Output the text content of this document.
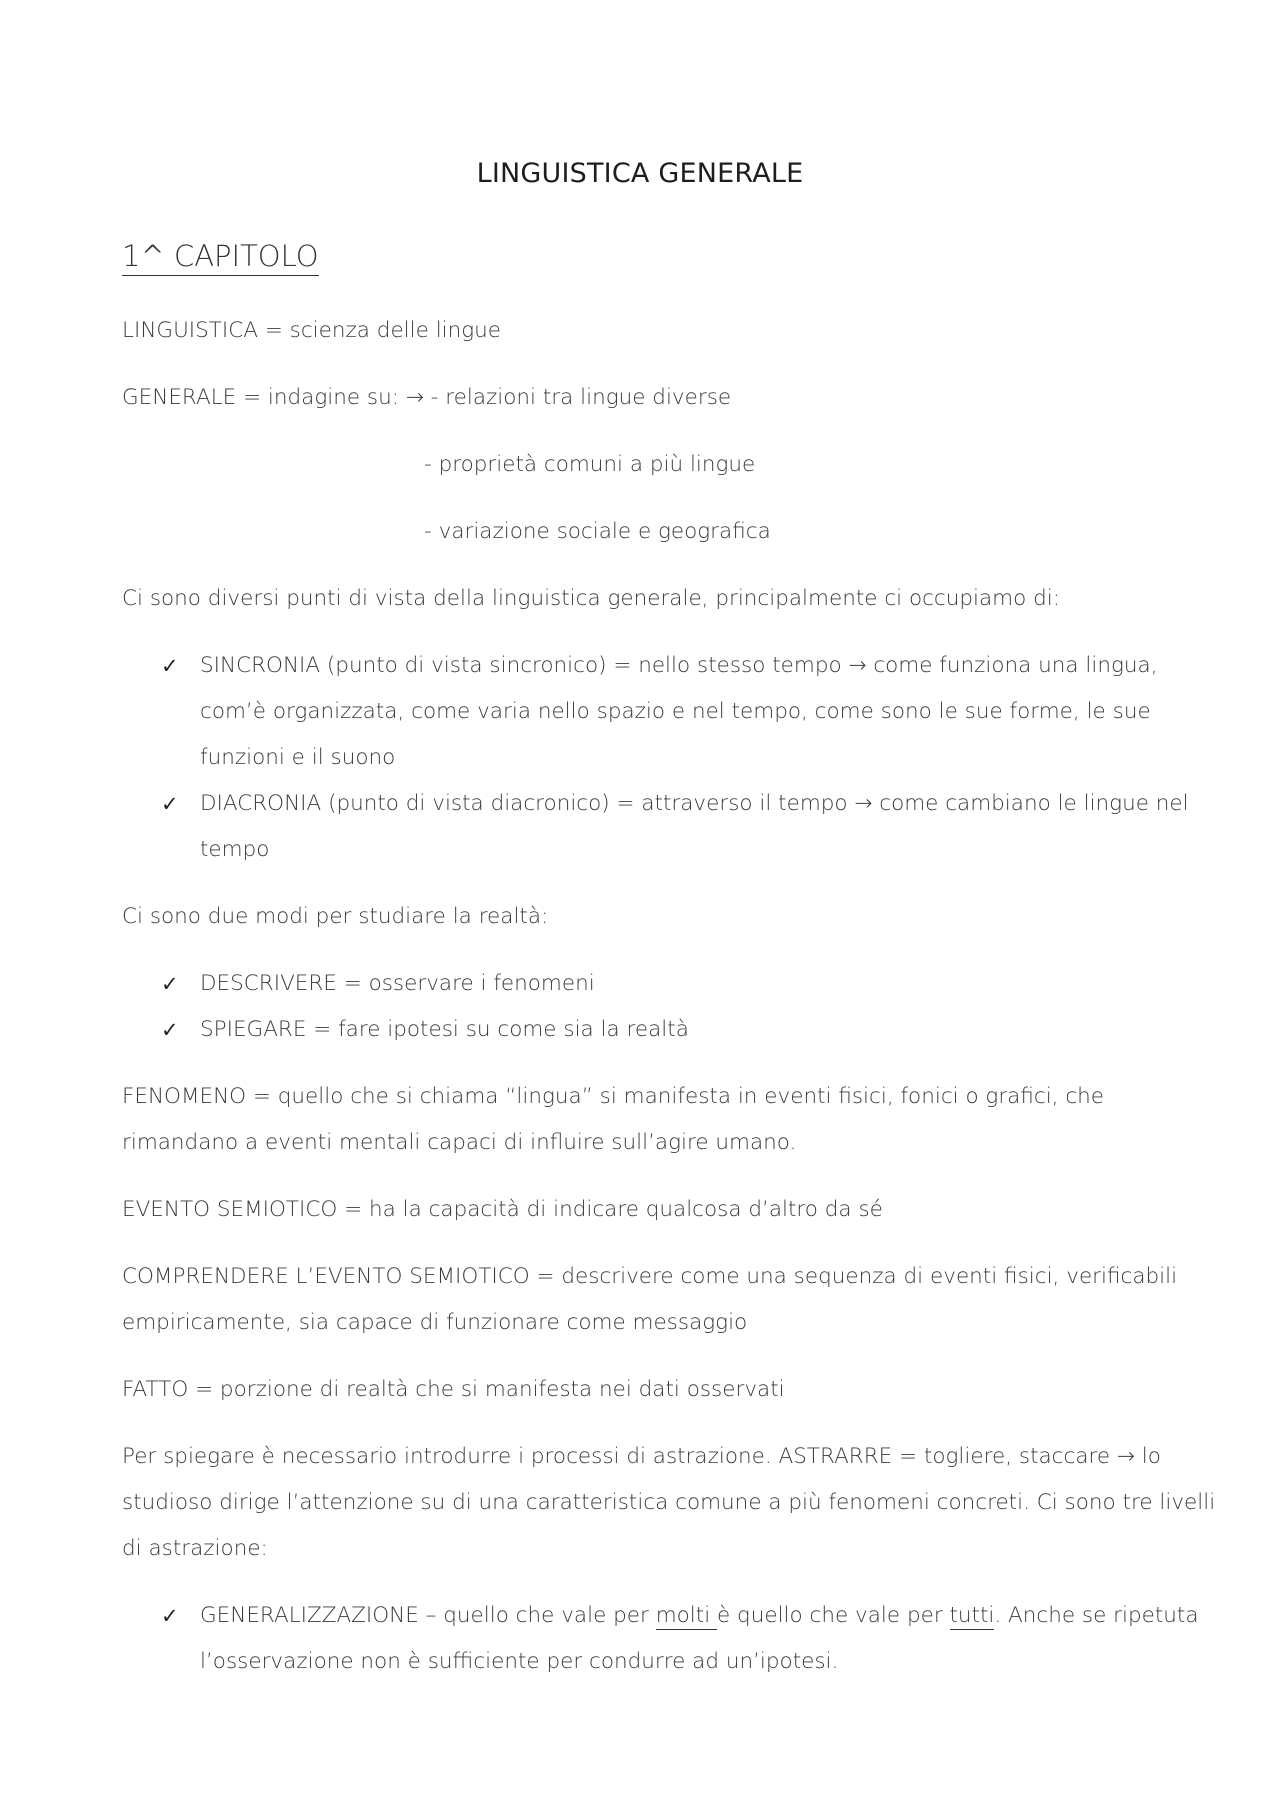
LINGUISTICA GENERALE
1^ CAPITOLO
LINGUISTICA = scienza delle lingue
GENERALE = indagine su: → - relazioni tra lingue diverse
- proprietà comuni a più lingue
- variazione sociale e geografica
Ci sono diversi punti di vista della linguistica generale, principalmente ci occupiamo di:
✓ SINCRONIA (punto di vista sincronico) = nello stesso tempo → come funziona una lingua,
com’è organizzata, come varia nello spazio e nel tempo, come sono le sue forme, le sue
funzioni e il suono
✓ DIACRONIA (punto di vista diacronico) = attraverso il tempo → come cambiano le lingue nel
tempo
Ci sono due modi per studiare la realtà:
✓ DESCRIVERE = osservare i fenomeni
✓ SPIEGARE = fare ipotesi su come sia la realtà
FENOMENO = quello che si chiama “lingua” si manifesta in eventi fisici, fonici o grafici, che
rimandano a eventi mentali capaci di influire sull’agire umano.
EVENTO SEMIOTICO = ha la capacità di indicare qualcosa d’altro da sé
COMPRENDERE L’EVENTO SEMIOTICO = descrivere come una sequenza di eventi fisici, verificabili
empiricamente, sia capace di funzionare come messaggio
FATTO = porzione di realtà che si manifesta nei dati osservati
Per spiegare è necessario introdurre i processi di astrazione. ASTRARRE = togliere, staccare → lo
studioso dirige l’attenzione su di una caratteristica comune a più fenomeni concreti. Ci sono tre livelli
di astrazione:
✓ GENERALIZZAZIONE – quello che vale per molti è quello che vale per tutti. Anche se ripetuta
l’osservazione non è sufficiente per condurre ad un’ipotesi.
